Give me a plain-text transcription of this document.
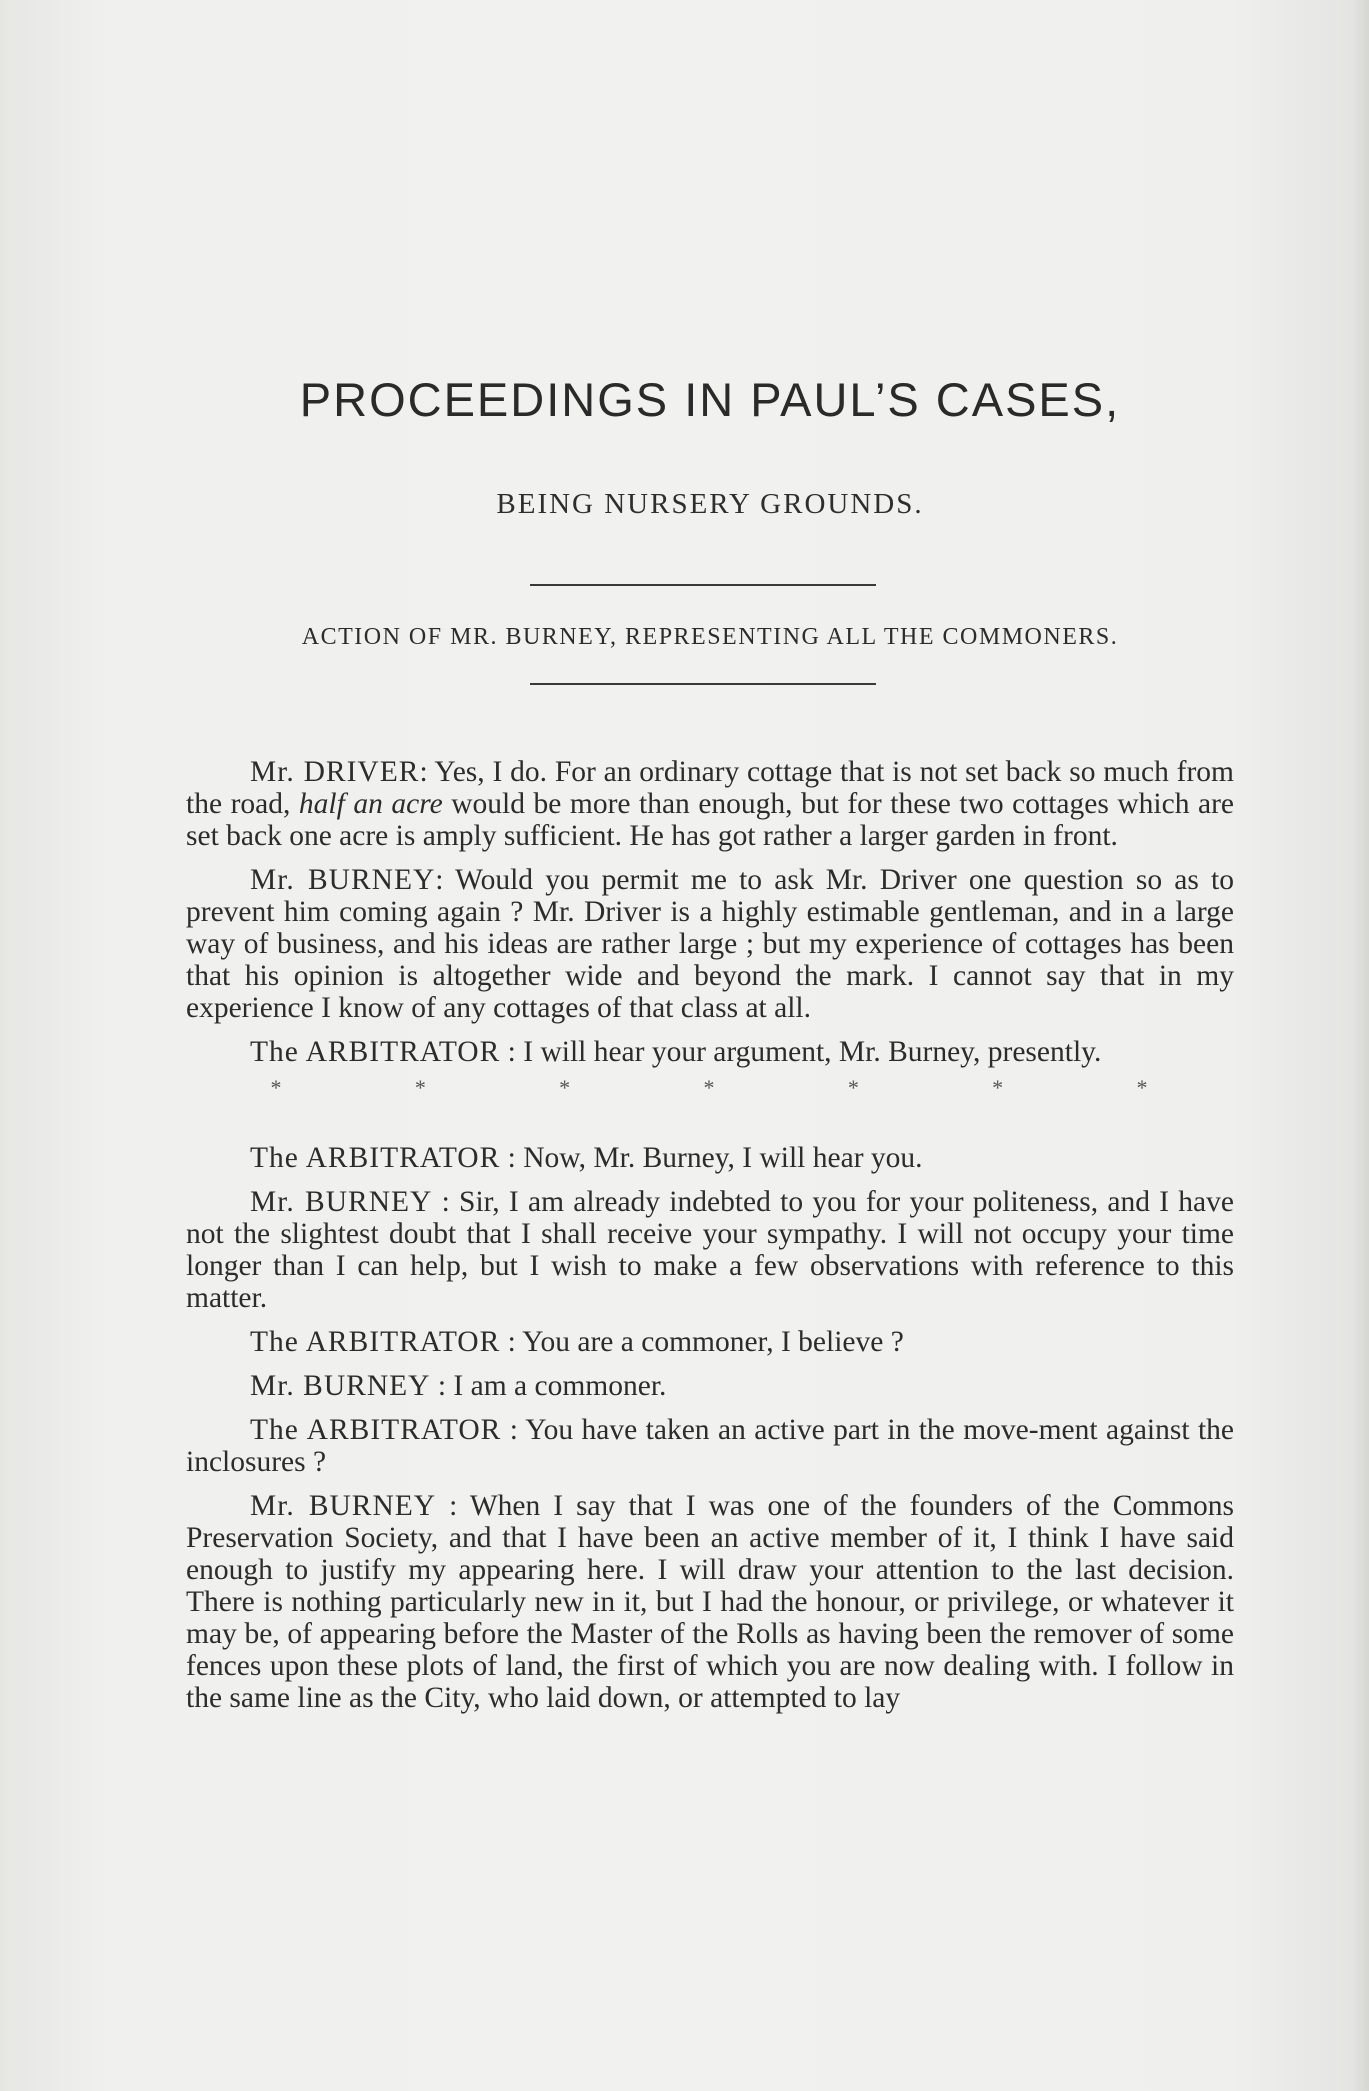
PROCEEDINGS IN PAUL’S CASES,
BEING NURSERY GROUNDS.
ACTION OF MR. BURNEY, REPRESENTING ALL THE COMMONERS.

Mr. DRIVER: Yes, I do. For an ordinary cottage that is not set back so much from the road, half an acre would be more than enough, but for these two cottages which are set back one acre is amply sufficient. He has got rather a larger garden in front.

Mr. BURNEY: Would you permit me to ask Mr. Driver one question so as to prevent him coming again ? Mr. Driver is a highly estimable gentleman, and in a large way of business, and his ideas are rather large ; but my experience of cottages has been that his opinion is altogether wide and beyond the mark. I cannot say that in my experience I know of any cottages of that class at all.

The ARBITRATOR : I will hear your argument, Mr. Burney, presently.

*	*	*	*	*	*	*

The ARBITRATOR : Now, Mr. Burney, I will hear you.

Mr. BURNEY : Sir, I am already indebted to you for your politeness, and I have not the slightest doubt that I shall receive your sympathy. I will not occupy your time longer than I can help, but I wish to make a few observations with reference to this matter.

The ARBITRATOR : You are a commoner, I believe ?

Mr. BURNEY : I am a commoner.

The ARBITRATOR : You have taken an active part in the move-ment against the inclosures ?

Mr. BURNEY : When I say that I was one of the founders of the Commons Preservation Society, and that I have been an active member of it, I think I have said enough to justify my appearing here. I will draw your attention to the last decision. There is nothing particularly new in it, but I had the honour, or privilege, or whatever it may be, of appearing before the Master of the Rolls as having been the remover of some fences upon these plots of land, the first of which you are now dealing with. I follow in the same line as the City, who laid down, or attempted to lay
